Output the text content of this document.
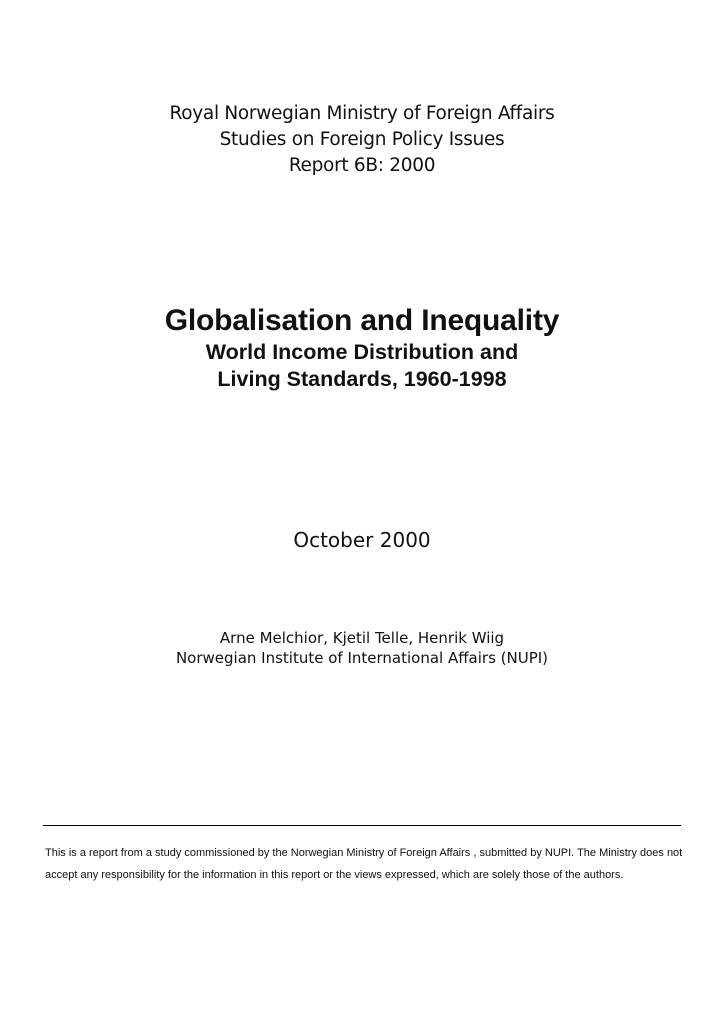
Royal Norwegian Ministry of Foreign Affairs
Studies on Foreign Policy Issues
Report 6B: 2000
Globalisation and Inequality
World Income Distribution and
Living Standards, 1960-1998
October 2000
Arne Melchior, Kjetil Telle, Henrik Wiig
Norwegian Institute of International Affairs (NUPI)
This is a report from a study commissioned by the Norwegian Ministry of Foreign Affairs , submitted by NUPI. The Ministry does not accept any responsibility for the information in this report or the views expressed, which are solely those of the authors.
